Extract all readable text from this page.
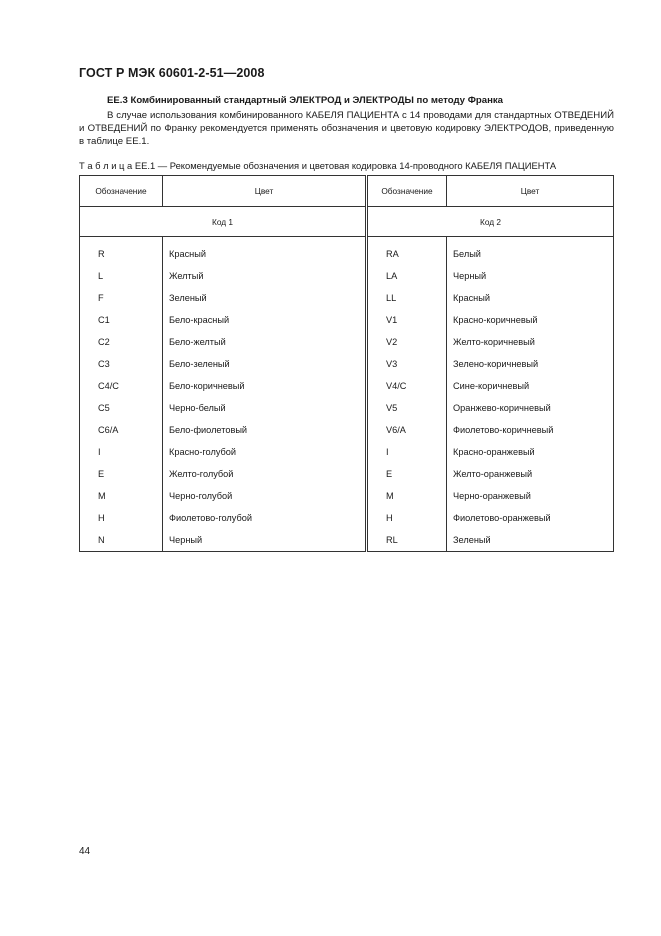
ГОСТ Р МЭК 60601-2-51—2008
ЕЕ.3 Комбинированный стандартный ЭЛЕКТРОД и ЭЛЕКТРОДЫ по методу Франка
В случае использования комбинированного КАБЕЛЯ ПАЦИЕНТА с 14 проводами для стандартных ОТВЕДЕНИЙ и ОТВЕДЕНИЙ по Франку рекомендуется применять обозначения и цветовую кодировку ЭЛЕКТРОДОВ, приведенную в таблице ЕЕ.1.
Т а б л и ц а ЕЕ.1 — Рекомендуемые обозначения и цветовая кодировка 14-проводного КАБЕЛЯ ПАЦИЕНТА
Обозначение	Цвет	Обозначение	Цвет
Код 1		Код 2	

R	Красный	RA	Белый
L	Желтый	LA	Черный
F	Зеленый	LL	Красный
C1	Бело-красный	V1	Красно-коричневый
C2	Бело-желтый	V2	Желто-коричневый
C3	Бело-зеленый	V3	Зелено-коричневый
C4/C	Бело-коричневый	V4/C	Сине-коричневый
C5	Черно-белый	V5	Оранжево-коричневый
C6/A	Бело-фиолетовый	V6/A	Фиолетово-коричневый
I	Красно-голубой	I	Красно-оранжевый
E	Желто-голубой	E	Желто-оранжевый
M	Черно-голубой	M	Черно-оранжевый
H	Фиолетово-голубой	H	Фиолетово-оранжевый
N	Черный	RL	Зеленый
44
